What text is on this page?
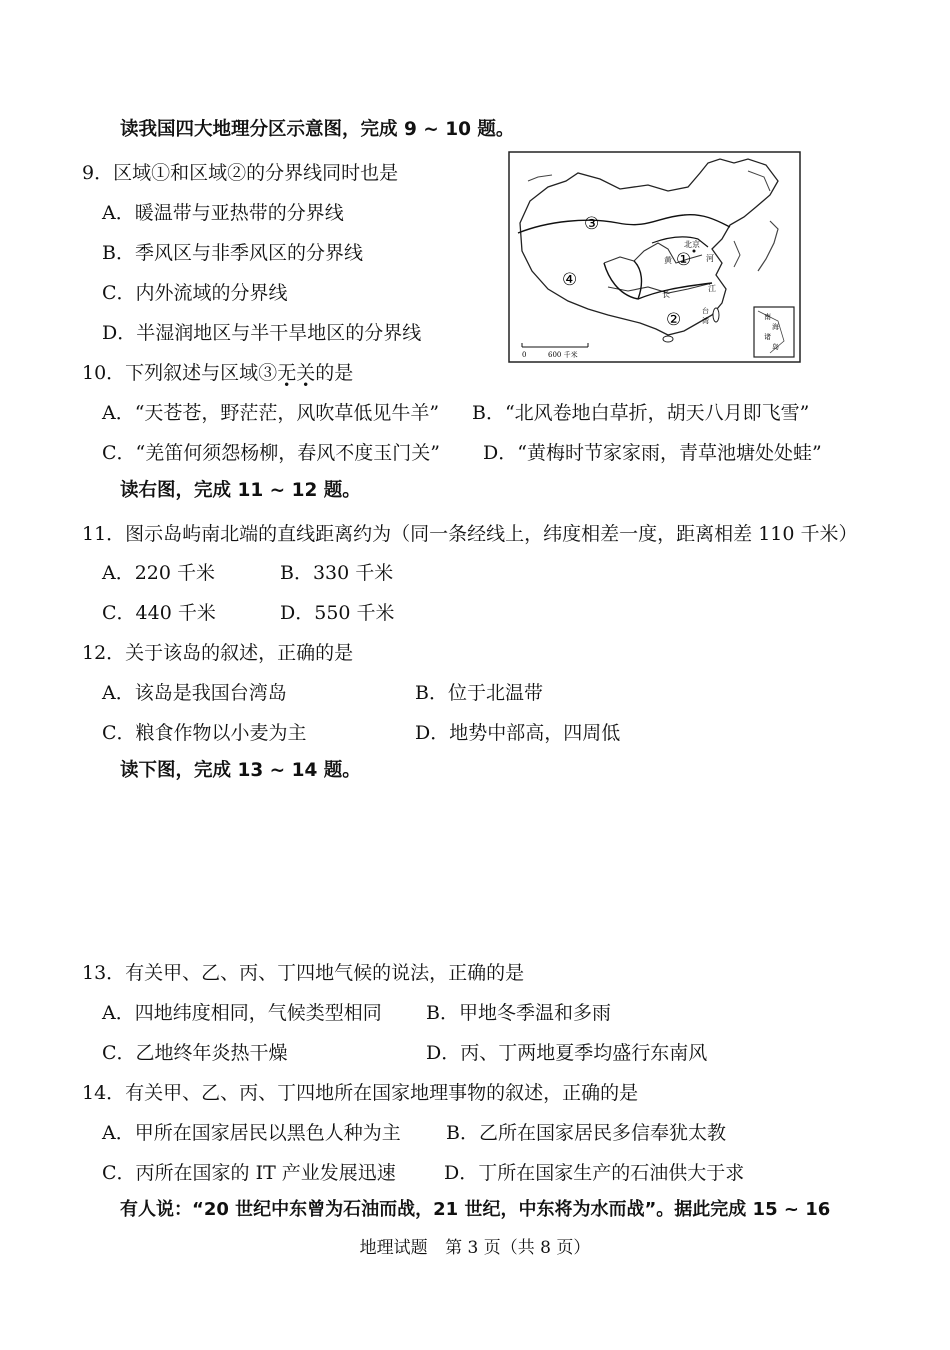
读我国四大地理分区示意图，完成 9 ~ 10 题。
9．区域①和区域②的分界线同时也是
A．暖温带与亚热带的分界线
B．季风区与非季风区的分界线
C．内外流域的分界线
D．半湿润地区与半干旱地区的分界线
③
④
①
②
北京
黄	河
长
江
台
湾	南
海
诸
岛
0	600 千米
10．下列叙述与区域③无关的是
A．“天苍苍，野茫茫，风吹草低见牛羊” B．“北风卷地白草折，胡天八月即飞雪”
C．“羌笛何须怨杨柳，春风不度玉门关” D．“黄梅时节家家雨，青草池塘处处蛙”
读右图，完成 11 ~ 12 题。
11．图示岛屿南北端的直线距离约为（同一条经线上，纬度相差一度，距离相差 110 千米）
A．220 千米	B．330 千米
C．440 千米	D．550 千米
12．关于该岛的叙述，正确的是
A．该岛是我国台湾岛	B．位于北温带
C．粮食作物以小麦为主	D．地势中部高，四周低
读下图，完成 13 ~ 14 题。
13．有关甲、乙、丙、丁四地气候的说法，正确的是
A．四地纬度相同，气候类型相同 B．甲地冬季温和多雨
C．乙地终年炎热干燥	D．丙、丁两地夏季均盛行东南风
14．有关甲、乙、丙、丁四地所在国家地理事物的叙述，正确的是
A．甲所在国家居民以黑色人种为主 B．乙所在国家居民多信奉犹太教
C．丙所在国家的 IT 产业发展迅速	D．丁所在国家生产的石油供大于求
有人说：“20 世纪中东曾为石油而战，21 世纪，中东将为水而战”。据此完成 15 ~ 16
地理试题 第 3 页（共 8 页）
